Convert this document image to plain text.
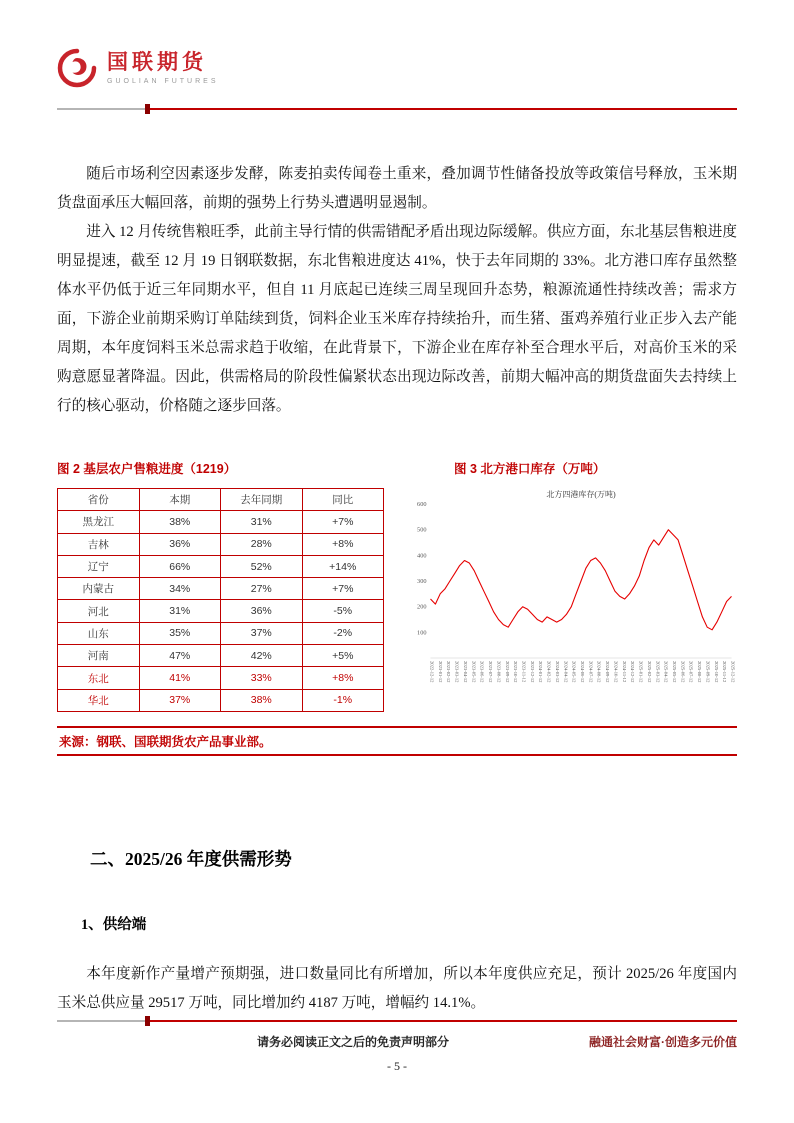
国联期货
GUOLIAN FUTURES

随后市场利空因素逐步发酵，陈麦拍卖传闻卷土重来，叠加调节性储备投放等政策信号释放，玉米期货盘面承压大幅回落，前期的强势上行势头遭遇明显遏制。

进入 12 月传统售粮旺季，此前主导行情的供需错配矛盾出现边际缓解。供应方面，东北基层售粮进度明显提速，截至 12 月 19 日钢联数据，东北售粮进度达 41%，快于去年同期的 33%。北方港口库存虽然整体水平仍低于近三年同期水平，但自 11 月底起已连续三周呈现回升态势，粮源流通性持续改善；需求方面，下游企业前期采购订单陆续到货，饲料企业玉米库存持续抬升，而生猪、蛋鸡养殖行业正步入去产能周期，本年度饲料玉米总需求趋于收缩，在此背景下，下游企业在库存补至合理水平后，对高价玉米的采购意愿显著降温。因此，供需格局的阶段性偏紧状态出现边际改善，前期大幅冲高的期货盘面失去持续上行的核心驱动，价格随之逐步回落。

图 2 基层农户售粮进度（1219）
省份	本期	去年同期	同比
黑龙江	38%	31%	+7%
吉林	36%	28%	+8%
辽宁	66%	52%	+14%
内蒙古	34%	27%	+7%
河北	31%	36%	-5%
山东	35%	37%	-2%
河南	47%	42%	+5%
东北	41%	33%	+8%
华北	37%	38%	-1%
图 3 北方港口库存（万吨）
北方四港库存(万吨)
100
200
300
400
500
600
2022-12-12 2023-01-12 2023-02-12 2023-03-12 2023-04-12 2023-05-12 2023-06-12 2023-07-12 2023-08-12 2023-09-12 2023-10-12 2023-11-12 2023-12-12 2024-01-12 2024-02-12 2024-03-12 2024-04-12 2024-05-12 2024-06-12 2024-07-12 2024-08-12 2024-09-12 2024-10-12 2024-11-12 2024-12-12 2025-01-12 2025-02-12 2025-03-12 2025-04-12 2025-05-12 2025-06-12 2025-07-12 2025-08-12 2025-09-12 2025-10-12 2025-11-12 2025-12-12
来源：钢联、国联期货农产品事业部。
二、2025/26 年度供需形势
1、供给端

本年度新作产量增产预期强，进口数量同比有所增加，所以本年度供应充足，预计 2025/26 年度国内玉米总供应量 29517 万吨，同比增加约 4187 万吨，增幅约 14.1%。

请务必阅读正文之后的免责声明部分	融通社会财富·创造多元价值
- 5 -
